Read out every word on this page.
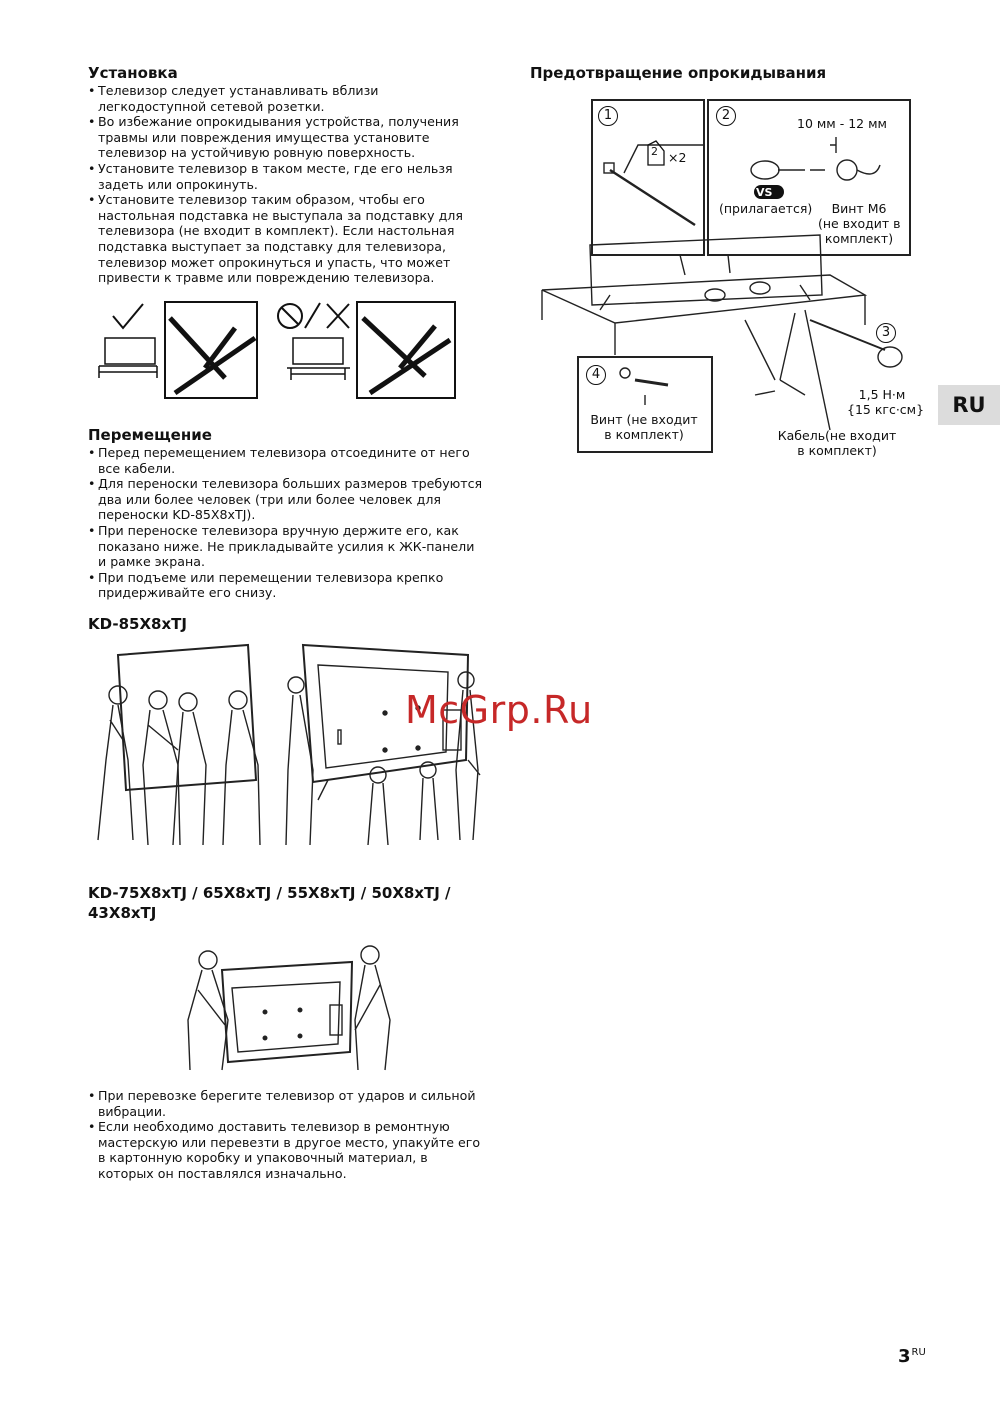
Установка
• Телевизор следует устанавливать вблизи легкодоступной сетевой розетки.
• Во избежание опрокидывания устройства, получения травмы или повреждения имущества установите телевизор на устойчивую ровную поверхность.
• Установите телевизор в таком месте, где его нельзя задеть или опрокинуть.
• Установите телевизор таким образом, чтобы его настольная подставка не выступала за подставку для телевизора (не входит в комплект). Если настольная подставка выступает за подставку для телевизора, телевизор может опрокинуться и упасть, что может привести к травме или повреждению телевизора.
Перемещение
• Перед перемещением телевизора отсоедините от него все кабели.
• Для переноски телевизора больших размеров требуются два или более человек (три или более человек для переноски KD-85X8xTJ).
• При переноске телевизора вручную держите его, как показано ниже. Не прикладывайте усилия к ЖК-панели и рамке экрана.
• При подъеме или перемещении телевизора крепко придерживайте его снизу.
KD-85X8xTJ
KD-75X8xTJ / 65X8xTJ / 55X8xTJ / 50X8xTJ /
43X8xTJ
• При перевозке берегите телевизор от ударов и сильной вибрации.
• Если необходимо доставить телевизор в ремонтную мастерскую или перевезти в другое место, упакуйте его в картонную коробку и упаковочный материал, в которых он поставлялся изначально.
Предотвращение опрокидывания
1	2
3
4
2 ×2
10 мм - 12 мм
VS
(прилагается)	Винт M6
(не входит в
комплект)
1,5 Н·м
{15 кгс·см}
Винт (не входит
в комплект)	Кабель(не входит
в комплект)
RU
McGrp.Ru
$3^{RU}$
